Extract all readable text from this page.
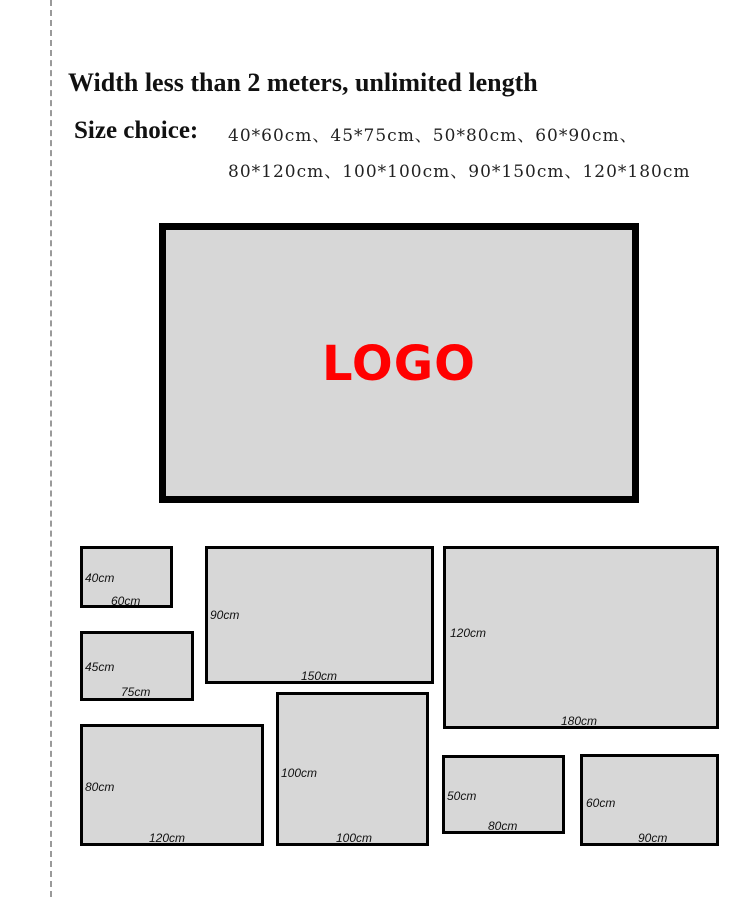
Width less than 2 meters, unlimited length
Size choice: 40*60cm、45*75cm、50*80cm、60*90cm、
80*120cm、100*100cm、90*150cm、120*180cm
LOGO
40cm
60cm
45cm
75cm
90cm
150cm
120cm
180cm
80cm
120cm
100cm
100cm
50cm
80cm
60cm
90cm
